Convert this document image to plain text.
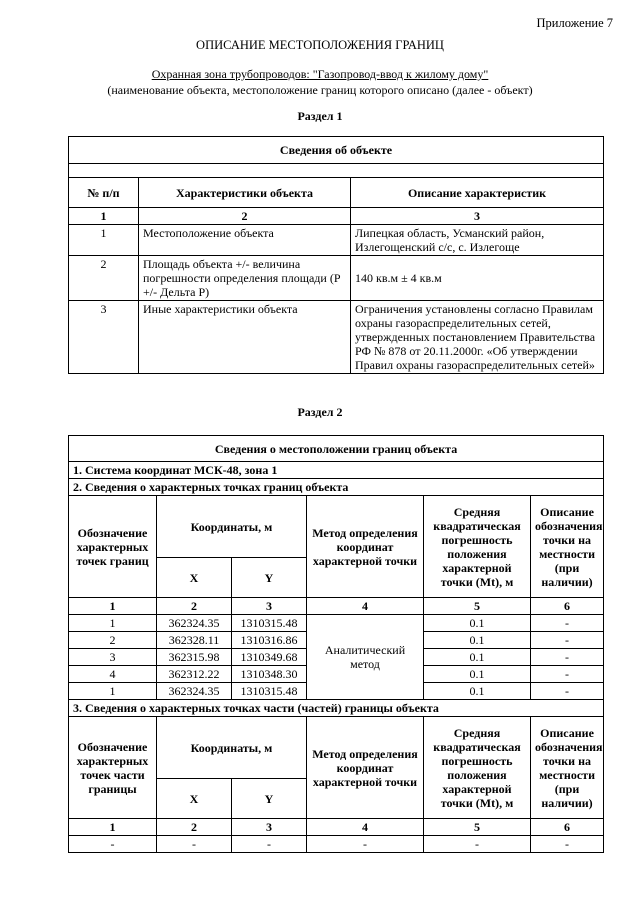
Приложение 7
ОПИСАНИЕ МЕСТОПОЛОЖЕНИЯ ГРАНИЦ
Охранная зона трубопроводов: "Газопровод-ввод к жилому дому"
(наименование объекта, местоположение границ которого описано (далее - объект)
Раздел 1
Сведения об объекте		

№ п/п	Характеристики объекта	Описание характеристик
1	2	3
1	Местоположение объекта	Липецкая область, Усманский район, Излегощенский с/с, с. Излегоще
2	Площадь объекта +/- величина погрешности определения площади (Р +/- Дельта Р)	140 кв.м ± 4 кв.м
3	Иные характеристики объекта	Ограничения установлены согласно Правилам охраны газораспределительных сетей, утвержденных постановлением Правительства РФ № 878 от 20.11.2000г. «Об утверждении Правил охраны газораспределительных сетей»
Раздел 2
Сведения о местоположении границ объекта					
1. Система координат МСК-48, зона 1					
2. Сведения о характерных точках границ объекта					
Обозначение характерных точек границ	Координаты, м		Метод определения координат характерной точки	Средняя квадратическая погрешность положения характерной точки (Mt), м	Описание обозначения точки на местности (при наличии)
	X	Y			
1	2	3	4	5	6
1	362324.35	1310315.48	Аналитический метод	0.1	-
2	362328.11	1310316.86		0.1	-
3	362315.98	1310349.68		0.1	-
4	362312.22	1310348.30		0.1	-
1	362324.35	1310315.48		0.1	-
3. Сведения о характерных точках части (частей) границы объекта					
Обозначение характерных точек части границы	Координаты, м		Метод определения координат характерной точки	Средняя квадратическая погрешность положения характерной точки (Mt), м	Описание обозначения точки на местности (при наличии)
	X	Y			
1	2	3	4	5	6
-	-	-	-	-	-
